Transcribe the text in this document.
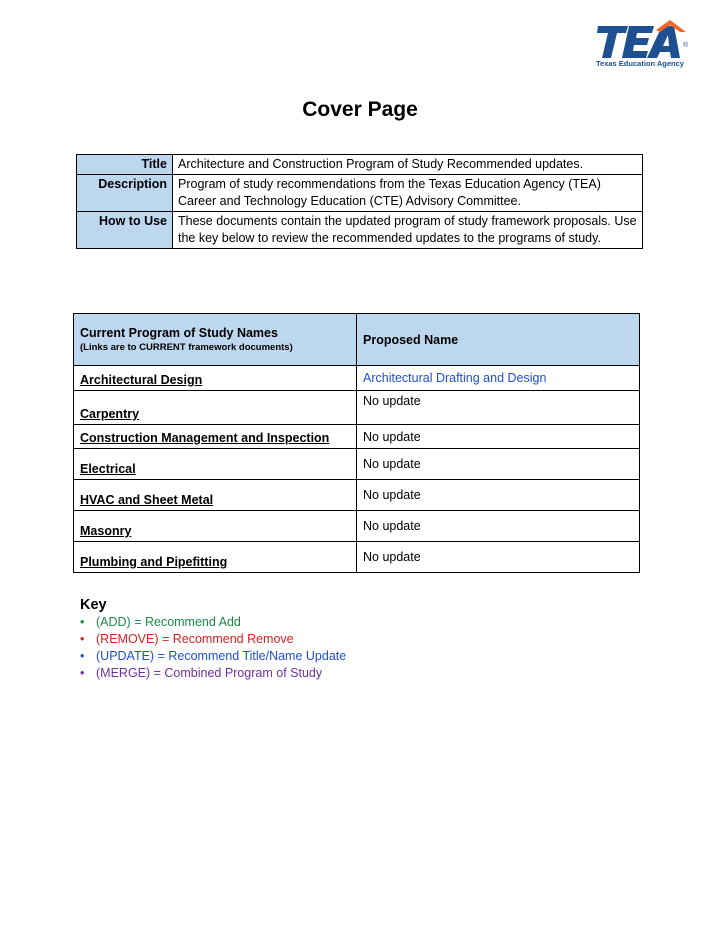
®
Texas Education Agency
Cover Page
Title	Architecture and Construction Program of Study Recommended updates.
Description	Program of study recommendations from the Texas Education Agency (TEA) Career and Technology Education (CTE) Advisory Committee.
How to Use	These documents contain the updated program of study framework proposals. Use the key below to review the recommended updates to the programs of study.
Current Program of Study Names
(Links are to CURRENT framework documents)	Proposed Name
Architectural Design	Architectural Drafting and Design
Carpentry	No update
Construction Management and Inspection	No update
Electrical	No update
HVAC and Sheet Metal	No update
Masonry	No update
Plumbing and Pipefitting	No update
Key
• (ADD) = Recommend Add
• (REMOVE) = Recommend Remove
• (UPDATE) = Recommend Title/Name Update
• (MERGE) = Combined Program of Study
